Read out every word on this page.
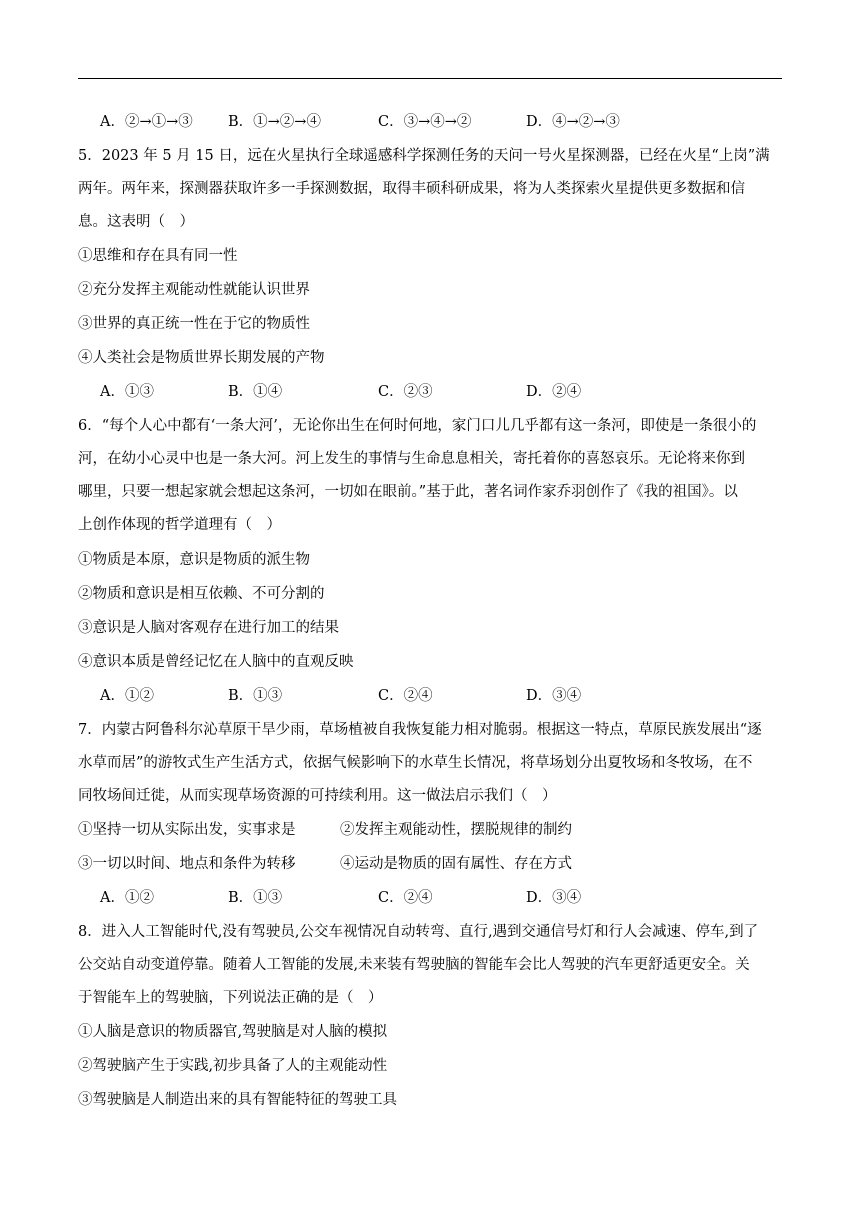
A．②→①→③ B．①→②→④	C．③→④→②	D．④→②→③
5．2023 年 5 月 15 日，远在火星执行全球遥感科学探测任务的天问一号火星探测器，已经在火星“上岗”满
两年。两年来，探测器获取许多一手探测数据，取得丰硕科研成果，将为人类探索火星提供更多数据和信
息。这表明（　）
①思维和存在具有同一性
②充分发挥主观能动性就能认识世界
③世界的真正统一性在于它的物质性
④人类社会是物质世界长期发展的产物
A．①③	B．①④	C．②③	D．②④
6．“每个人心中都有‘一条大河’，无论你出生在何时何地，家门口儿几乎都有这一条河，即使是一条很小的
河，在幼小心灵中也是一条大河。河上发生的事情与生命息息相关，寄托着你的喜怒哀乐。无论将来你到
哪里，只要一想起家就会想起这条河，一切如在眼前。”基于此，著名词作家乔羽创作了《我的祖国》。以
上创作体现的哲学道理有（　）
①物质是本原，意识是物质的派生物
②物质和意识是相互依赖、不可分割的
③意识是人脑对客观存在进行加工的结果
④意识本质是曾经记忆在人脑中的直观反映
A．①②	B．①③	C．②④	D．③④
7．内蒙古阿鲁科尔沁草原干旱少雨，草场植被自我恢复能力相对脆弱。根据这一特点，草原民族发展出“逐
水草而居”的游牧式生产生活方式，依据气候影响下的水草生长情况，将草场划分出夏牧场和冬牧场，在不
同牧场间迁徙，从而实现草场资源的可持续利用。这一做法启示我们（　）
①坚持一切从实际出发，实事求是	②发挥主观能动性，摆脱规律的制约
③一切以时间、地点和条件为转移	④运动是物质的固有属性、存在方式
A．①②	B．①③	C．②④	D．③④
8．进入人工智能时代,没有驾驶员,公交车视情况自动转弯、直行,遇到交通信号灯和行人会减速、停车,到了
公交站自动变道停靠。随着人工智能的发展,未来装有驾驶脑的智能车会比人驾驶的汽车更舒适更安全。关
于智能车上的驾驶脑，下列说法正确的是（　）
①人脑是意识的物质器官,驾驶脑是对人脑的模拟
②驾驶脑产生于实践,初步具备了人的主观能动性
③驾驶脑是人制造出来的具有智能特征的驾驶工具
